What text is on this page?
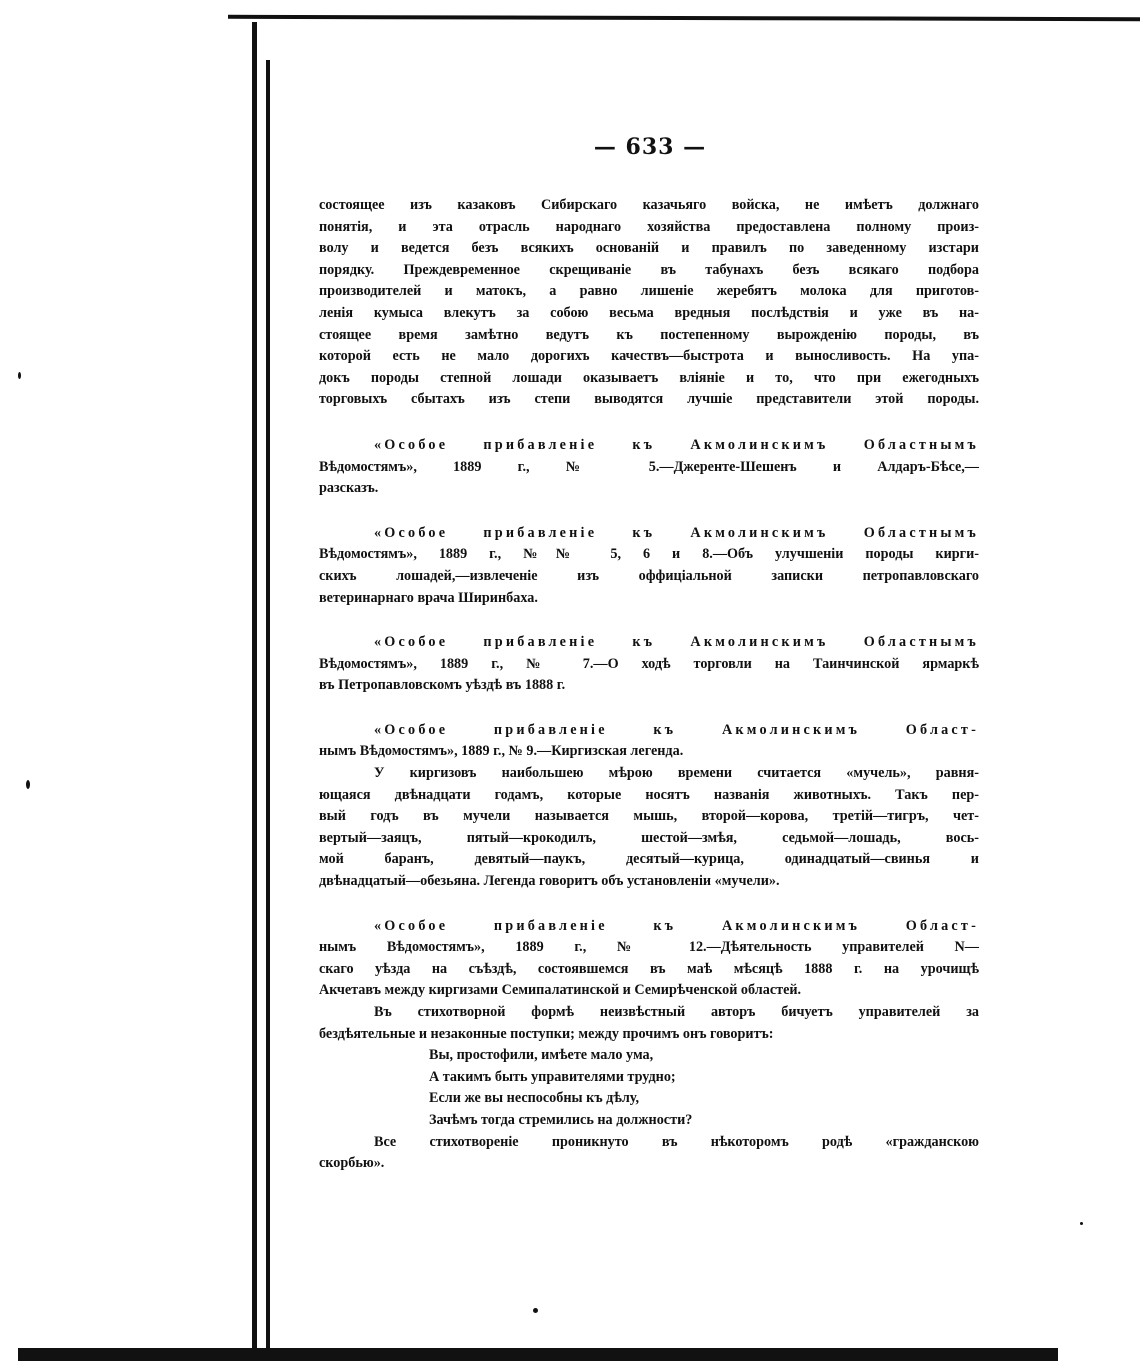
— 633 —
состоящее изъ казаковъ Сибирскаго казачьяго войска, не имѣетъ должнаго
понятія, и эта отрасль народнаго хозяйства предоставлена полному произ-
волу и ведется безъ всякихъ основаній и правилъ по заведенному изстари
порядку. Преждевременное скрещиваніе въ табунахъ безъ всякаго подбора
производителей и матокъ, а равно лишеніе жеребятъ молока для приготов-
ленія кумыса влекутъ за собою весьма вредныя послѣдствія и уже въ на-
стоящее время замѣтно ведутъ къ постепенному вырожденію породы, въ
которой есть не мало дорогихъ качествъ—быстрота и выносливость. На упа-
докъ породы степной лошади оказываетъ вліяніе и то, что при ежегодныхъ
торговыхъ сбытахъ изъ степи выводятся лучшіе представители этой породы.
«Особое прибавленіе къ Акмолинскимъ Областнымъ
Вѣдомостямъ», 1889 г., № 5.—Джеренте-Шешенъ и Алдаръ-Бѣсе,—
разсказъ.
«Особое прибавленіе къ Акмолинскимъ Областнымъ
Вѣдомостямъ», 1889 г., №№ 5, 6 и 8.—Объ улучшеніи породы кирги-
скихъ лошадей,—извлеченіе изъ оффиціальной записки петропавловскаго
ветеринарнаго врача Ширинбаха.
«Особое прибавленіе къ Акмолинскимъ Областнымъ
Вѣдомостямъ», 1889 г., № 7.—О ходѣ торговли на Таинчинской ярмаркѣ
въ Петропавловскомъ уѣздѣ въ 1888 г.
«Особое прибавленіе къ Акмолинскимъ Област-
нымъ Вѣдомостямъ», 1889 г., № 9.—Киргизская легенда.
У киргизовъ наибольшею мѣрою времени считается «мучель», равня-
ющаяся двѣнадцати годамъ, которые носятъ названія животныхъ. Такъ пер-
вый годъ въ мучели называется мышь, второй—корова, третій—тигръ, чет-
вертый—заяцъ, пятый—крокодилъ, шестой—змѣя, седьмой—лошадь, вось-
мой баранъ, девятый—паукъ, десятый—курица, одинадцатый—свинья и
двѣнадцатый—обезьяна. Легенда говоритъ объ установленіи «мучели».
«Особое прибавленіе къ Акмолинскимъ Област-
нымъ Вѣдомостямъ», 1889 г., № 12.—Дѣятельность управителей N—
скаго уѣзда на съѣздѣ, состоявшемся въ маѣ мѣсяцѣ 1888 г. на урочищѣ
Акчетавъ между киргизами Семипалатинской и Семирѣченской областей.
Въ стихотворной формѣ неизвѣстный авторъ бичуетъ управителей за
бездѣятельные и незаконные поступки; между прочимъ онъ говоритъ:
Вы, простофили, имѣете мало ума,
А такимъ быть управителями трудно;
Если же вы неспособны къ дѣлу,
Зачѣмъ тогда стремились на должности?
Все стихотвореніе проникнуто въ нѣкоторомъ родѣ «гражданскою
скорбью».
